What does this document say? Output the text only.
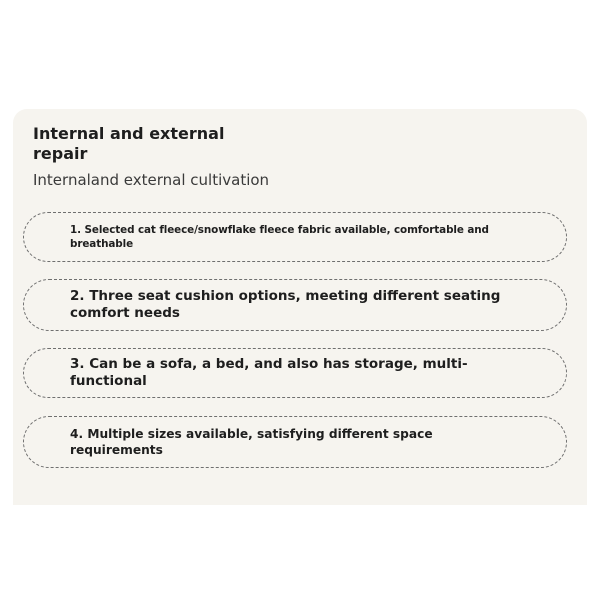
Internal and external repair

Internaland external cultivation

1. Selected cat fleece/snowflake fleece fabric available, comfortable and breathable
2. Three seat cushion options, meeting different seating comfort needs
3. Can be a sofa, a bed, and also has storage, multi-functional
4. Multiple sizes available, satisfying different space requirements
